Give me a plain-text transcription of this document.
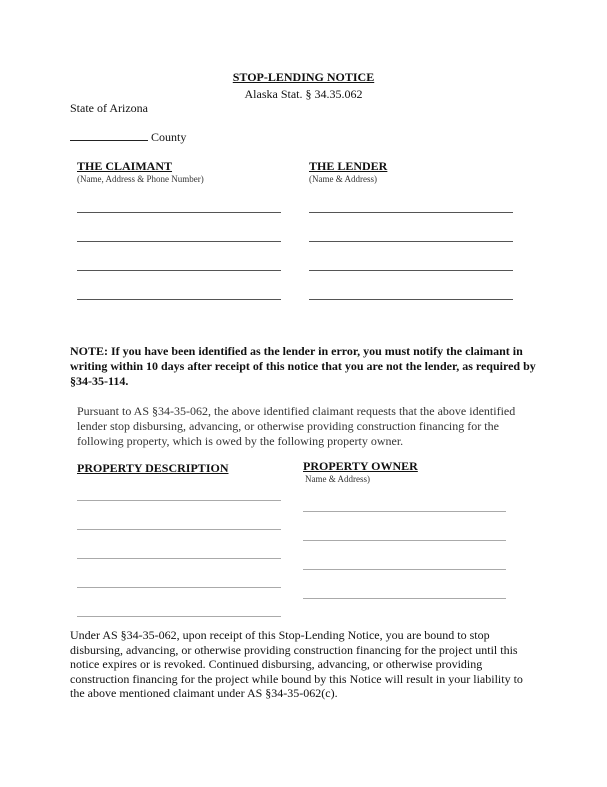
STOP-LENDING NOTICE
Alaska Stat. § 34.35.062
State of Arizona
County
THE CLAIMANT
(Name, Address & Phone Number)
THE LENDER
(Name & Address)
NOTE: If you have been identified as the lender in error, you must notify the claimant in writing within 10 days after receipt of this notice that you are not the lender, as required by §34-35-114.
Pursuant to AS §34-35-062, the above identified claimant requests that the above identified lender stop disbursing, advancing, or otherwise providing construction financing for the following property, which is owed by the following property owner.
PROPERTY DESCRIPTION	PROPERTY OWNER
Name & Address)
Under AS §34-35-062, upon receipt of this Stop-Lending Notice, you are bound to stop disbursing, advancing, or otherwise providing construction financing for the project until this notice expires or is revoked. Continued disbursing, advancing, or otherwise providing construction financing for the project while bound by this Notice will result in your liability to the above mentioned claimant under AS §34-35-062(c).
